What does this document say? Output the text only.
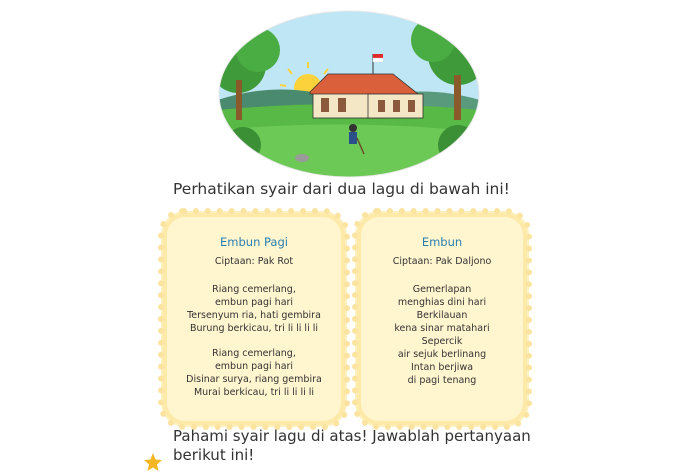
Perhatikan syair dari dua lagu di bawah ini!
Embun Pagi
Ciptaan: Pak Rot
Riang cemerlang,
embun pagi hari
Tersenyum ria, hati gembira
Burung berkicau, tri li li li li
Riang cemerlang,
embun pagi hari
Disinar surya, riang gembira
Murai berkicau, tri li li li li
Embun
Ciptaan: Pak Daljono
Gemerlapan
menghias dini hari
Berkilauan
kena sinar matahari
Sepercik
air sejuk berlinang
Intan berjiwa
di pagi tenang
Pahami syair lagu di atas! Jawablah pertanyaan
berikut ini!
